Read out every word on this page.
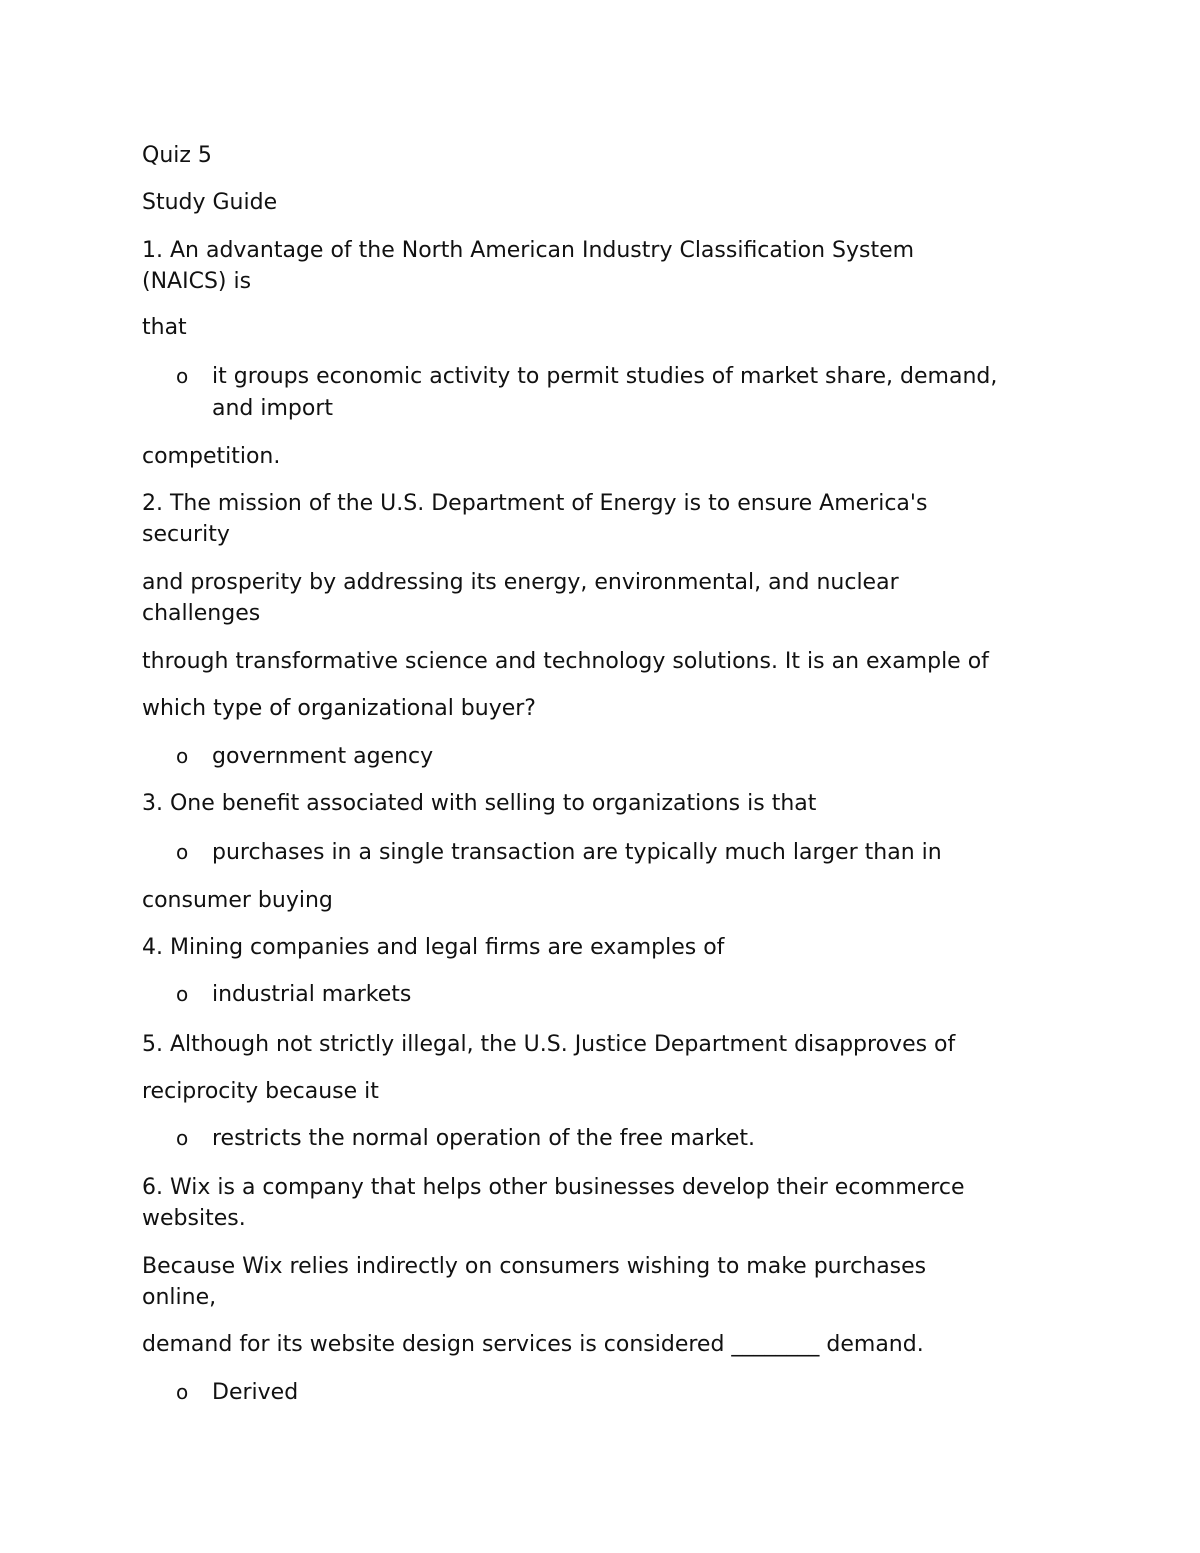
Quiz 5
Study Guide
1. An advantage of the North American Industry Classification System
(NAICS) is
that
o it groups economic activity to permit studies of market share, demand,
and import
competition.
2. The mission of the U.S. Department of Energy is to ensure America's
security
and prosperity by addressing its energy, environmental, and nuclear
challenges
through transformative science and technology solutions. It is an example of
which type of organizational buyer?
o government agency
3. One benefit associated with selling to organizations is that
o purchases in a single transaction are typically much larger than in
consumer buying
4. Mining companies and legal firms are examples of
o industrial markets
5. Although not strictly illegal, the U.S. Justice Department disapproves of
reciprocity because it
o restricts the normal operation of the free market.
6. Wix is a company that helps other businesses develop their ecommerce
websites.
Because Wix relies indirectly on consumers wishing to make purchases
online,
demand for its website design services is considered ________ demand.
o Derived
